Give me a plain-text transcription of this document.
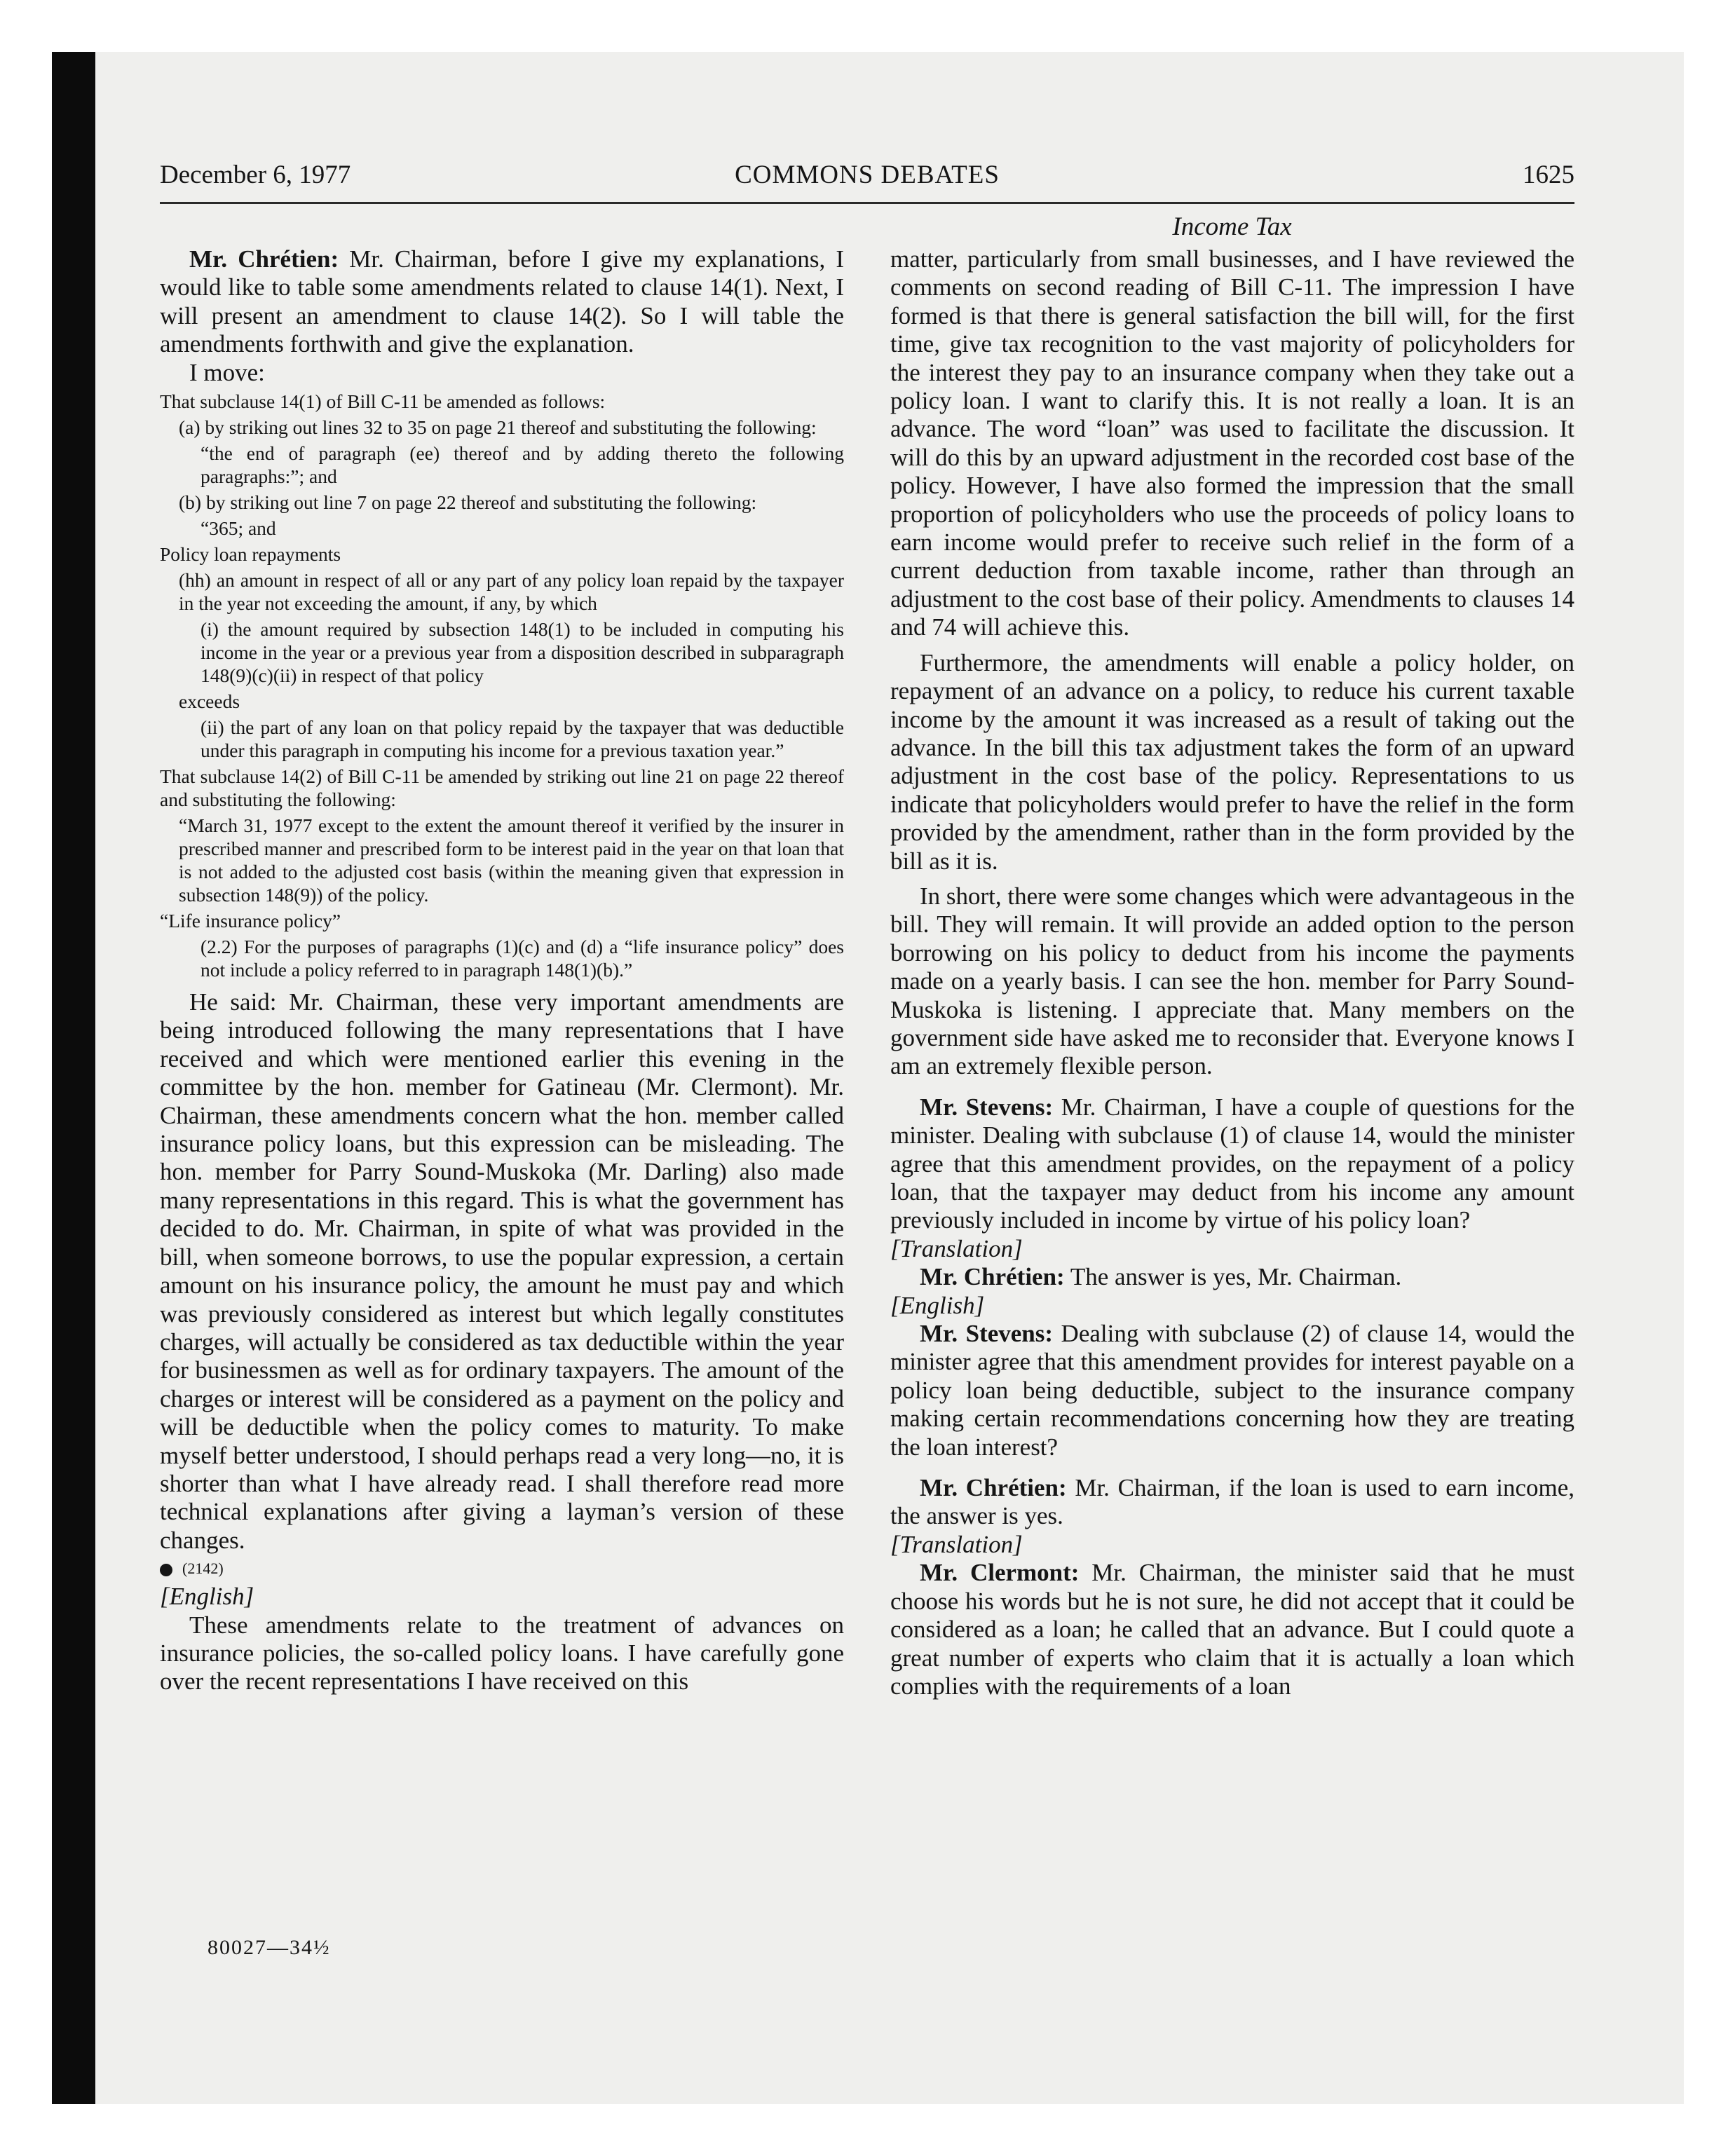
COMMONS DEBATES
December 6, 1977	1625
Income Tax

Mr. Chrétien: Mr. Chairman, before I give my explanations, I would like to table some amendments related to clause 14(1). Next, I will present an amendment to clause 14(2). So I will table the amendments forthwith and give the explanation.

I move:

That subclause 14(1) of Bill C-11 be amended as follows:

(a) by striking out lines 32 to 35 on page 21 thereof and substituting the following:

“the end of paragraph (ee) thereof and by adding thereto the following paragraphs:”; and

(b) by striking out line 7 on page 22 thereof and substituting the following:

“365; and

Policy loan repayments

(hh) an amount in respect of all or any part of any policy loan repaid by the taxpayer in the year not exceeding the amount, if any, by which

(i) the amount required by subsection 148(1) to be included in computing his income in the year or a previous year from a disposition described in subparagraph 148(9)(c)(ii) in respect of that policy

exceeds

(ii) the part of any loan on that policy repaid by the taxpayer that was deductible under this paragraph in computing his income for a previous taxation year.”

That subclause 14(2) of Bill C-11 be amended by striking out line 21 on page 22 thereof and substituting the following:

“March 31, 1977 except to the extent the amount thereof it verified by the insurer in prescribed manner and prescribed form to be interest paid in the year on that loan that is not added to the adjusted cost basis (within the meaning given that expression in subsection 148(9)) of the policy.

“Life insurance policy”

(2.2) For the purposes of paragraphs (1)(c) and (d) a “life insurance policy” does not include a policy referred to in paragraph 148(1)(b).”

He said: Mr. Chairman, these very important amendments are being introduced following the many representations that I have received and which were mentioned earlier this evening in the committee by the hon. member for Gatineau (Mr. Clermont). Mr. Chairman, these amendments concern what the hon. member called insurance policy loans, but this expression can be misleading. The hon. member for Parry Sound-Muskoka (Mr. Darling) also made many representations in this regard. This is what the government has decided to do. Mr. Chairman, in spite of what was provided in the bill, when someone borrows, to use the popular expression, a certain amount on his insurance policy, the amount he must pay and which was previously considered as interest but which legally constitutes charges, will actually be considered as tax deductible within the year for businessmen as well as for ordinary taxpayers. The amount of the charges or interest will be considered as a payment on the policy and will be deductible when the policy comes to maturity. To make myself better understood, I should perhaps read a very long—no, it is shorter than what I have already read. I shall therefore read more technical explanations after giving a layman’s version of these changes.

(2142)

[English]

These amendments relate to the treatment of advances on insurance policies, the so-called policy loans. I have carefully gone over the recent representations I have received on this

matter, particularly from small businesses, and I have reviewed the comments on second reading of Bill C-11. The impression I have formed is that there is general satisfaction the bill will, for the first time, give tax recognition to the vast majority of policyholders for the interest they pay to an insurance company when they take out a policy loan. I want to clarify this. It is not really a loan. It is an advance. The word “loan” was used to facilitate the discussion. It will do this by an upward adjustment in the recorded cost base of the policy. However, I have also formed the impression that the small proportion of policyholders who use the proceeds of policy loans to earn income would prefer to receive such relief in the form of a current deduction from taxable income, rather than through an adjustment to the cost base of their policy. Amendments to clauses 14 and 74 will achieve this.

Furthermore, the amendments will enable a policy holder, on repayment of an advance on a policy, to reduce his current taxable income by the amount it was increased as a result of taking out the advance. In the bill this tax adjustment takes the form of an upward adjustment in the cost base of the policy. Representations to us indicate that policyholders would prefer to have the relief in the form provided by the amendment, rather than in the form provided by the bill as it is.

In short, there were some changes which were advantageous in the bill. They will remain. It will provide an added option to the person borrowing on his policy to deduct from his income the payments made on a yearly basis. I can see the hon. member for Parry Sound-Muskoka is listening. I appreciate that. Many members on the government side have asked me to reconsider that. Everyone knows I am an extremely flexible person.

Mr. Stevens: Mr. Chairman, I have a couple of questions for the minister. Dealing with subclause (1) of clause 14, would the minister agree that this amendment provides, on the repayment of a policy loan, that the taxpayer may deduct from his income any amount previously included in income by virtue of his policy loan?

[Translation]

Mr. Chrétien: The answer is yes, Mr. Chairman.

[English]

Mr. Stevens: Dealing with subclause (2) of clause 14, would the minister agree that this amendment provides for interest payable on a policy loan being deductible, subject to the insurance company making certain recommendations concerning how they are treating the loan interest?

Mr. Chrétien: Mr. Chairman, if the loan is used to earn income, the answer is yes.

[Translation]

Mr. Clermont: Mr. Chairman, the minister said that he must choose his words but he is not sure, he did not accept that it could be considered as a loan; he called that an advance. But I could quote a great number of experts who claim that it is actually a loan which complies with the requirements of a loan

80027—34½
